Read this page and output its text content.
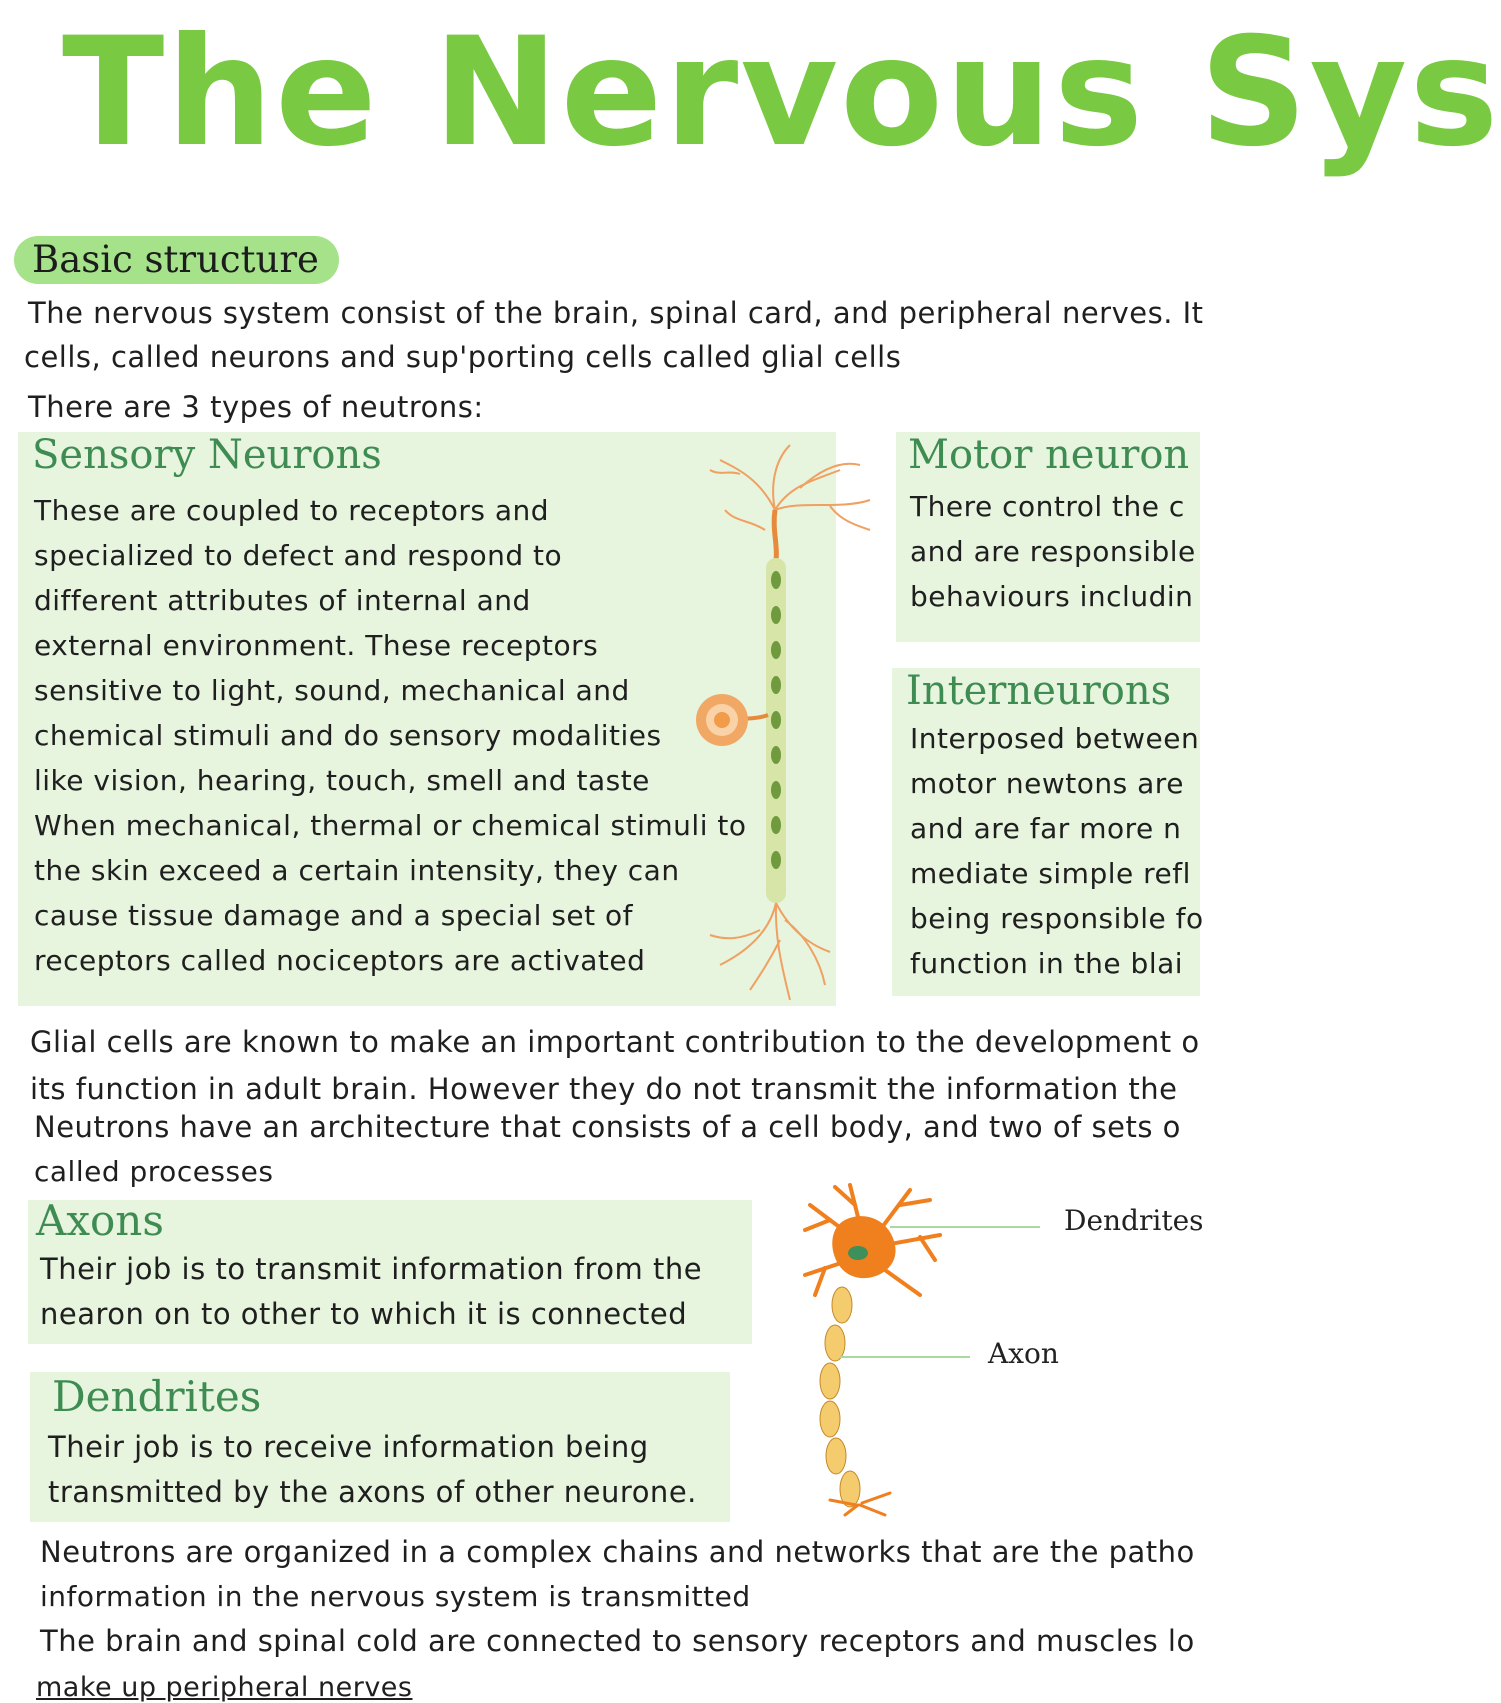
The Nervous Sys
Basic structure
The nervous system consist of the brain, spinal card, and peripheral nerves. It
cells, called neurons and sup'porting cells called glial cells
There are 3 types of neutrons:
Sensory Neurons
These are coupled to receptors and
specialized to defect and respond to
different attributes of internal and
external environment. These receptors
sensitive to light, sound, mechanical and
chemical stimuli and do sensory modalities
like vision, hearing, touch, smell and taste
When mechanical, thermal or chemical stimuli to
the skin exceed a certain intensity, they can
cause tissue damage and a special set of
receptors called nociceptors are activated
Motor neuron
There control the c
and are responsible
behaviours includin
Interneurons
Interposed between
motor newtons are
and are far more n
mediate simple refl
being responsible fo
function in the blai
Glial cells are known to make an important contribution to the development o
its function in adult brain. However they do not transmit the information the
Neutrons have an architecture that consists of a cell body, and two of sets o
called processes
Axons
Their job is to transmit information from the
nearon on to other to which it is connected
Dendrites
Their job is to receive information being
transmitted by the axons of other neurone.
Dendrites
Axon
Neutrons are organized in a complex chains and networks that are the patho
information in the nervous system is transmitted
The brain and spinal cold are connected to sensory receptors and muscles lo
make up peripheral nerves
